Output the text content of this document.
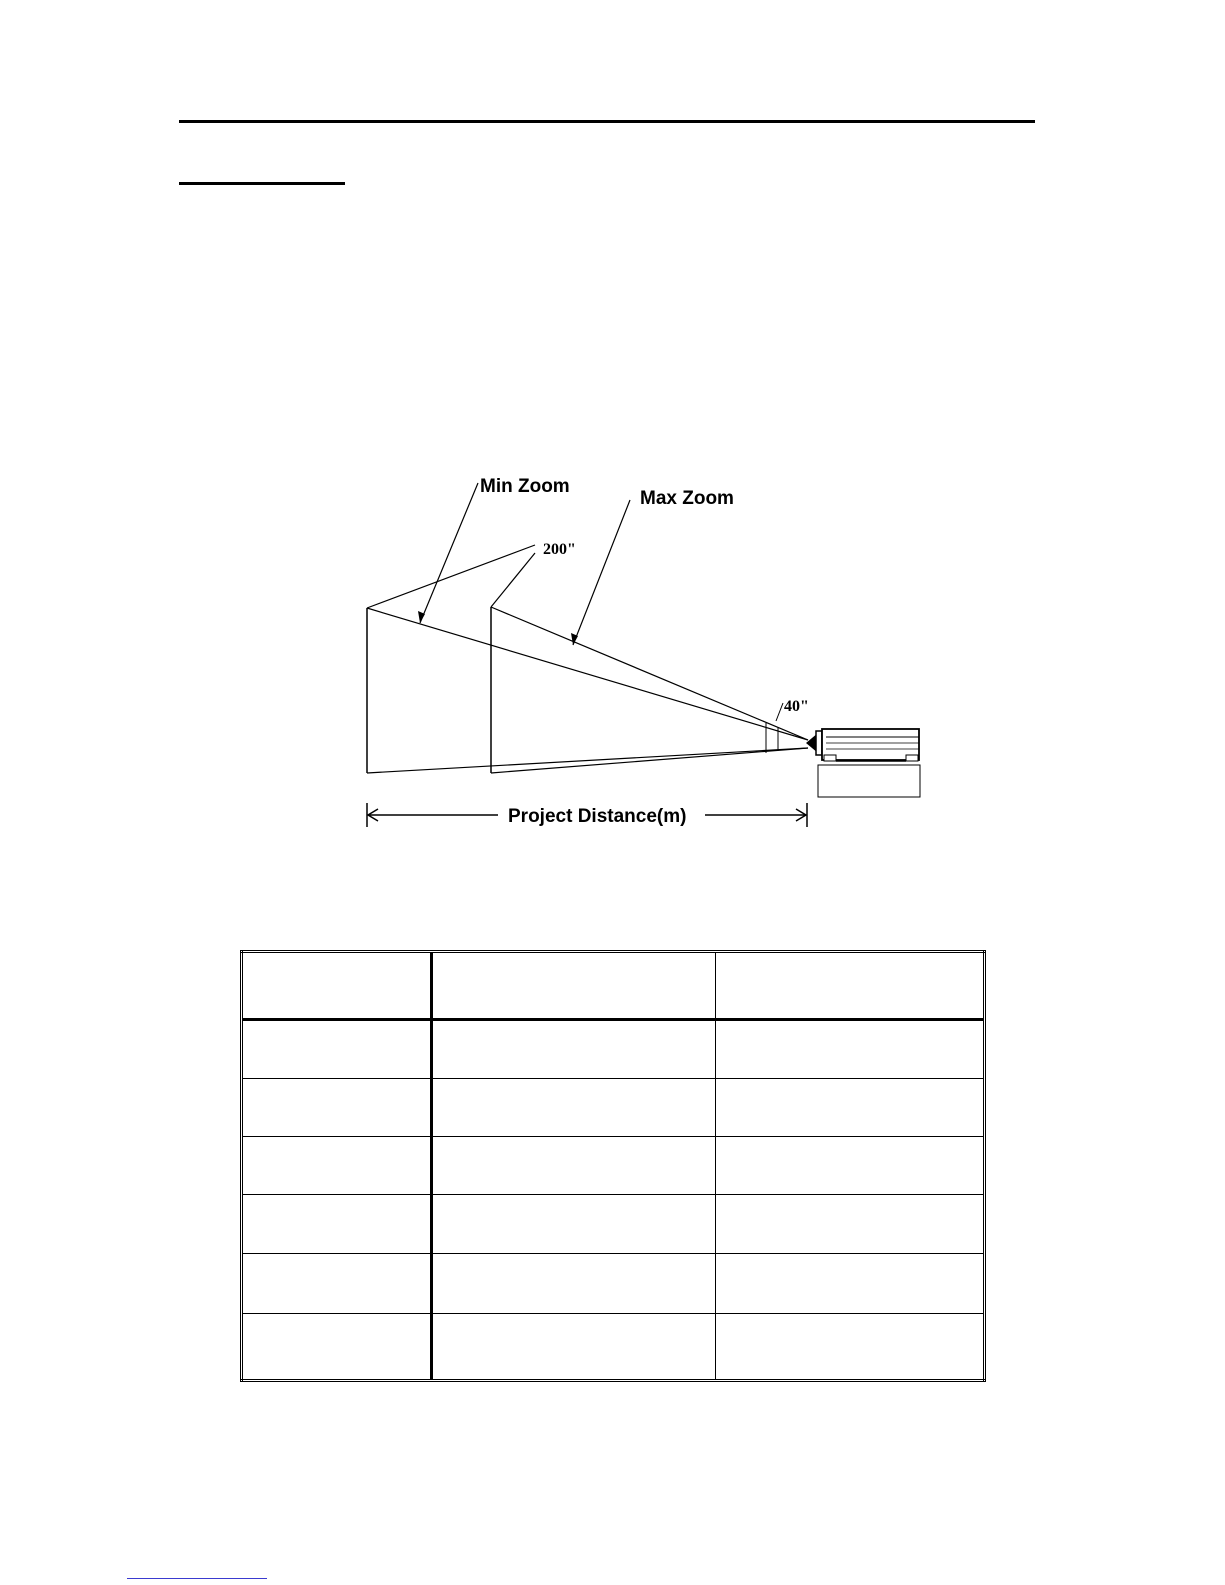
Min Zoom
Max Zoom
200"
40"
Project Distance(m)
